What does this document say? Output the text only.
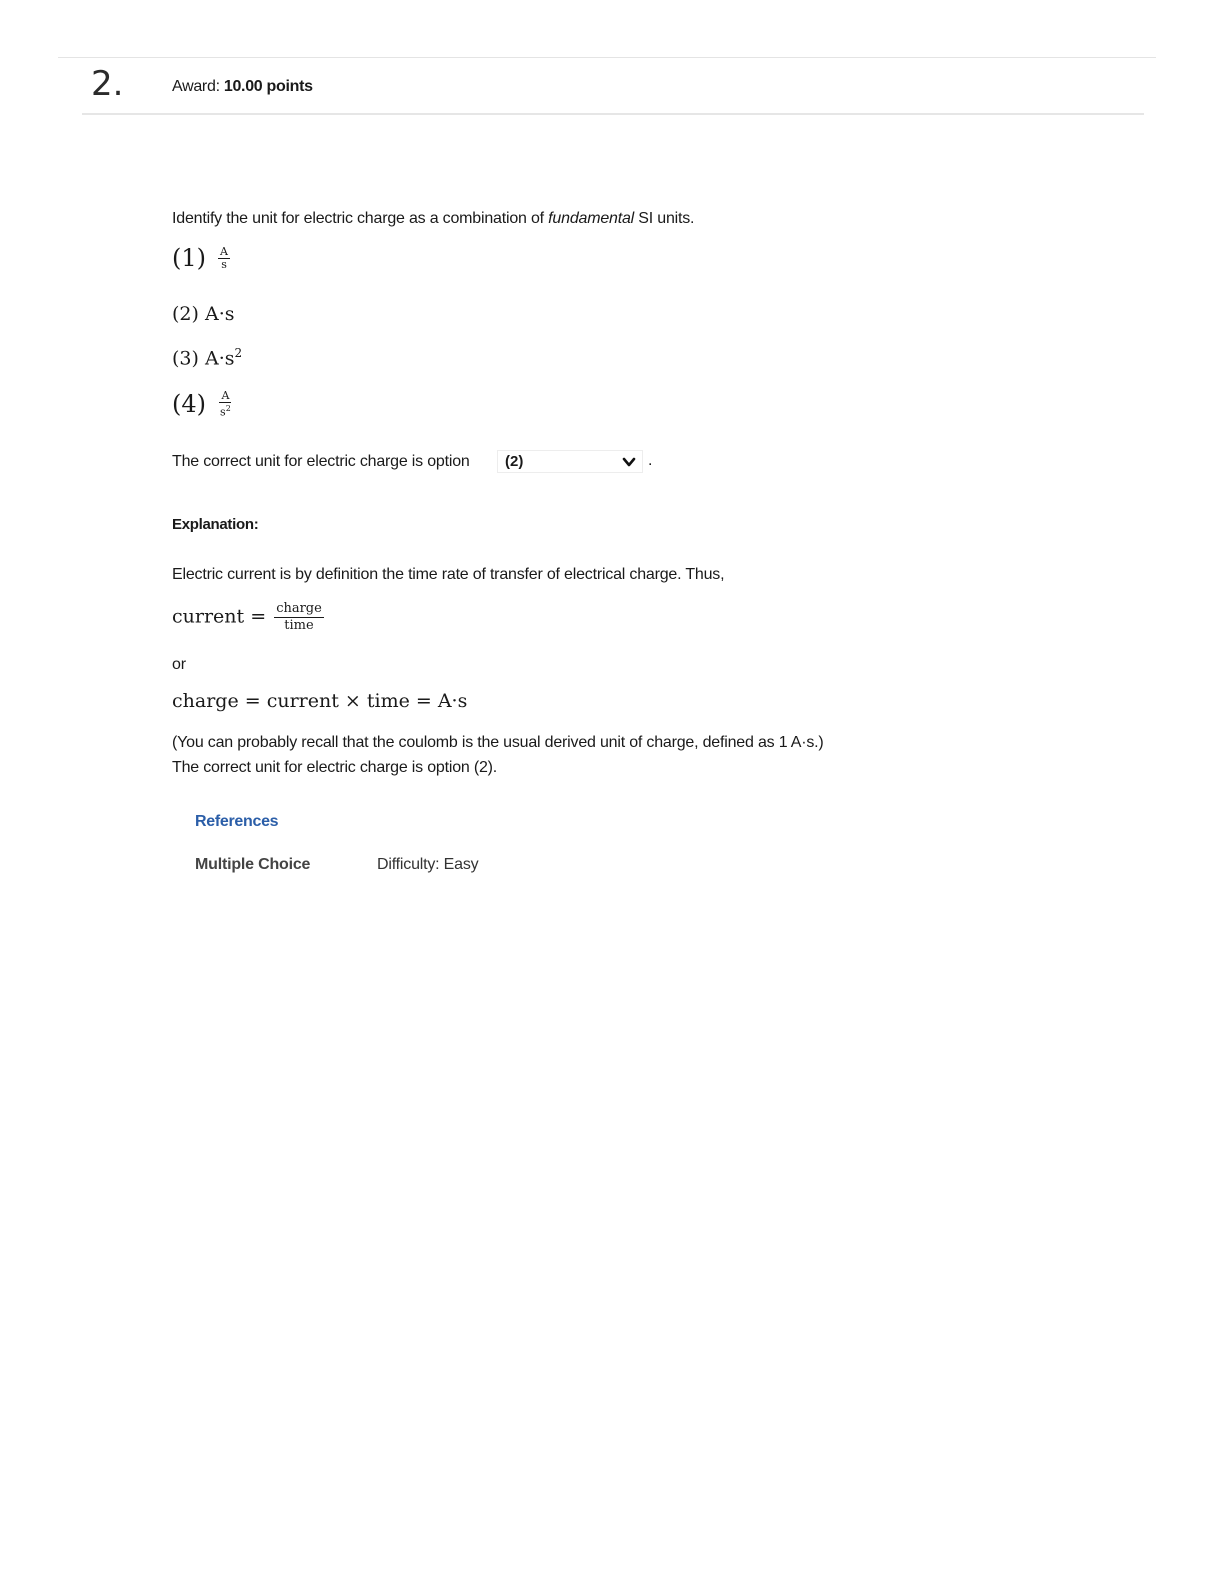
2.	Award: 10.00 points
Identify the unit for electric charge as a combination of fundamental SI units.
$(1) \frac{A}{s}$
(2) A·s
(3) $A\cdot s^2$
$(4) \frac{A}{s^2}$
The correct unit for electric charge is option (2)	.
Explanation:
Electric current is by definition the time rate of transfer of electrical charge. Thus,
current = $\frac{\text{charge}}{\text{time}}$
or
charge = current × time = A·s
(You can probably recall that the coulomb is the usual derived unit of charge, defined as 1 A·s.)
The correct unit for electric charge is option (2).
References
Multiple Choice	Difficulty: Easy
